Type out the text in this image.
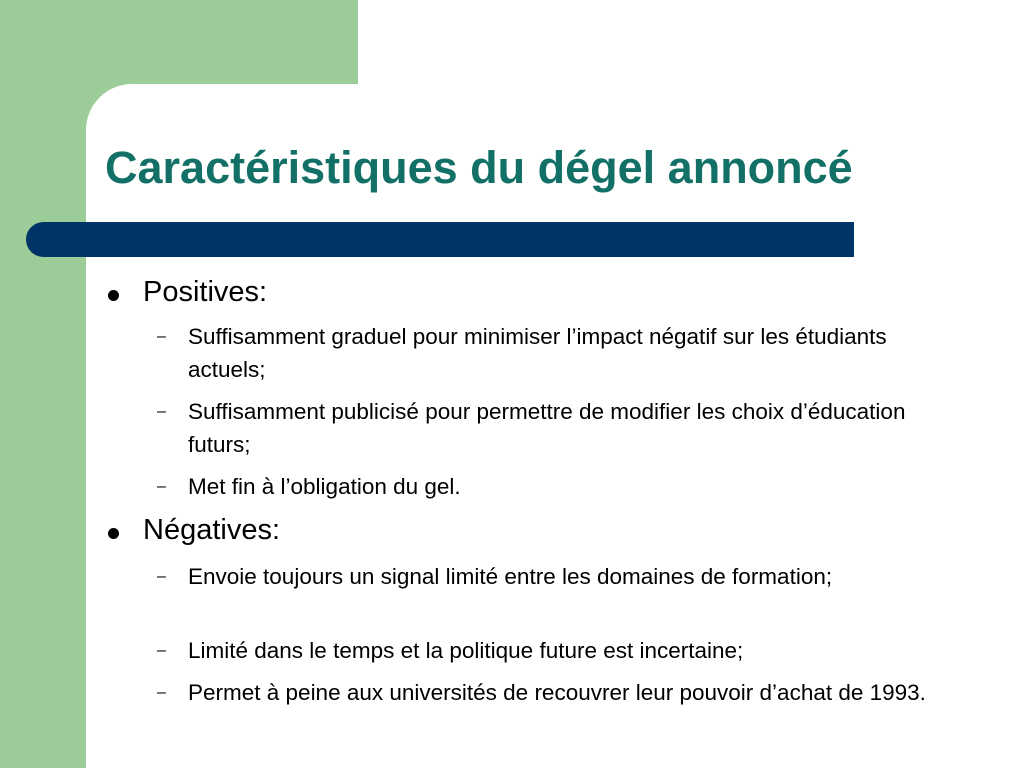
Caractéristiques du dégel annoncé
Positives:
– Suffisamment graduel pour minimiser l’impact négatif sur les étudiants actuels;
– Suffisamment publicisé pour permettre de modifier les choix d’éducation futurs;
– Met fin à l’obligation du gel.
Négatives:
– Envoie toujours un signal limité entre les domaines de formation;
– Limité dans le temps et la politique future est incertaine;
– Permet à peine aux universités de recouvrer leur pouvoir d’achat de 1993.
